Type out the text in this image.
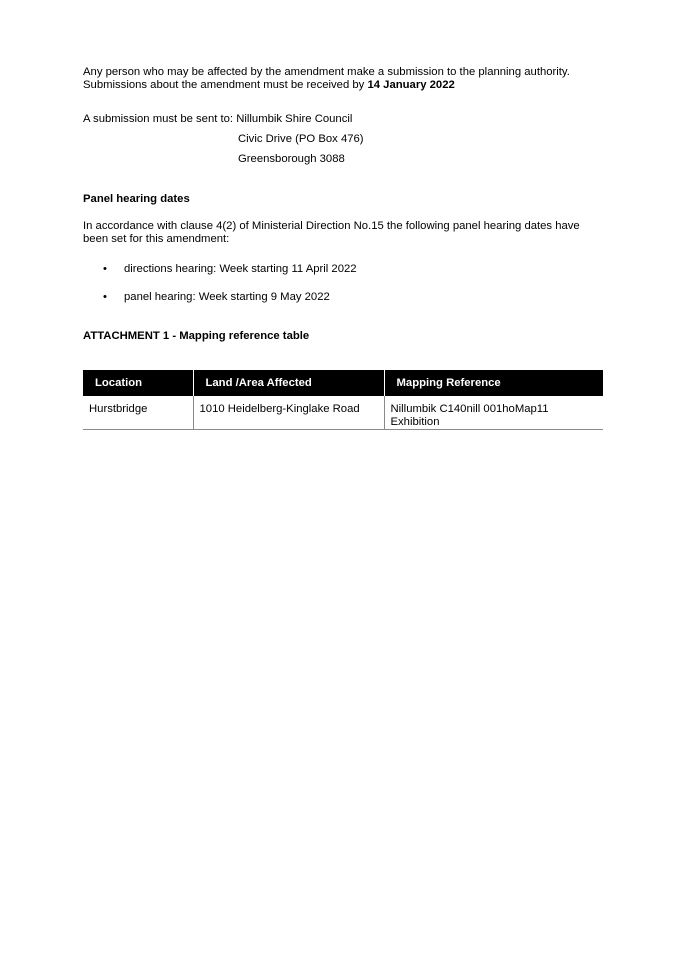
Any person who may be affected by the amendment make a submission to the planning authority.
Submissions about the amendment must be received by 14 January 2022
A submission must be sent to: Nillumbik Shire Council
Civic Drive (PO Box 476)
Greensborough 3088
Panel hearing dates
In accordance with clause 4(2) of Ministerial Direction No.15 the following panel hearing dates have been set for this amendment:
• directions hearing: Week starting 11 April 2022
• panel hearing: Week starting 9 May 2022
ATTACHMENT 1 - Mapping reference table
Location	Land /Area Affected	Mapping Reference
Hurstbridge	1010 Heidelberg-Kinglake Road	Nillumbik C140nill 001hoMap11 Exhibition
